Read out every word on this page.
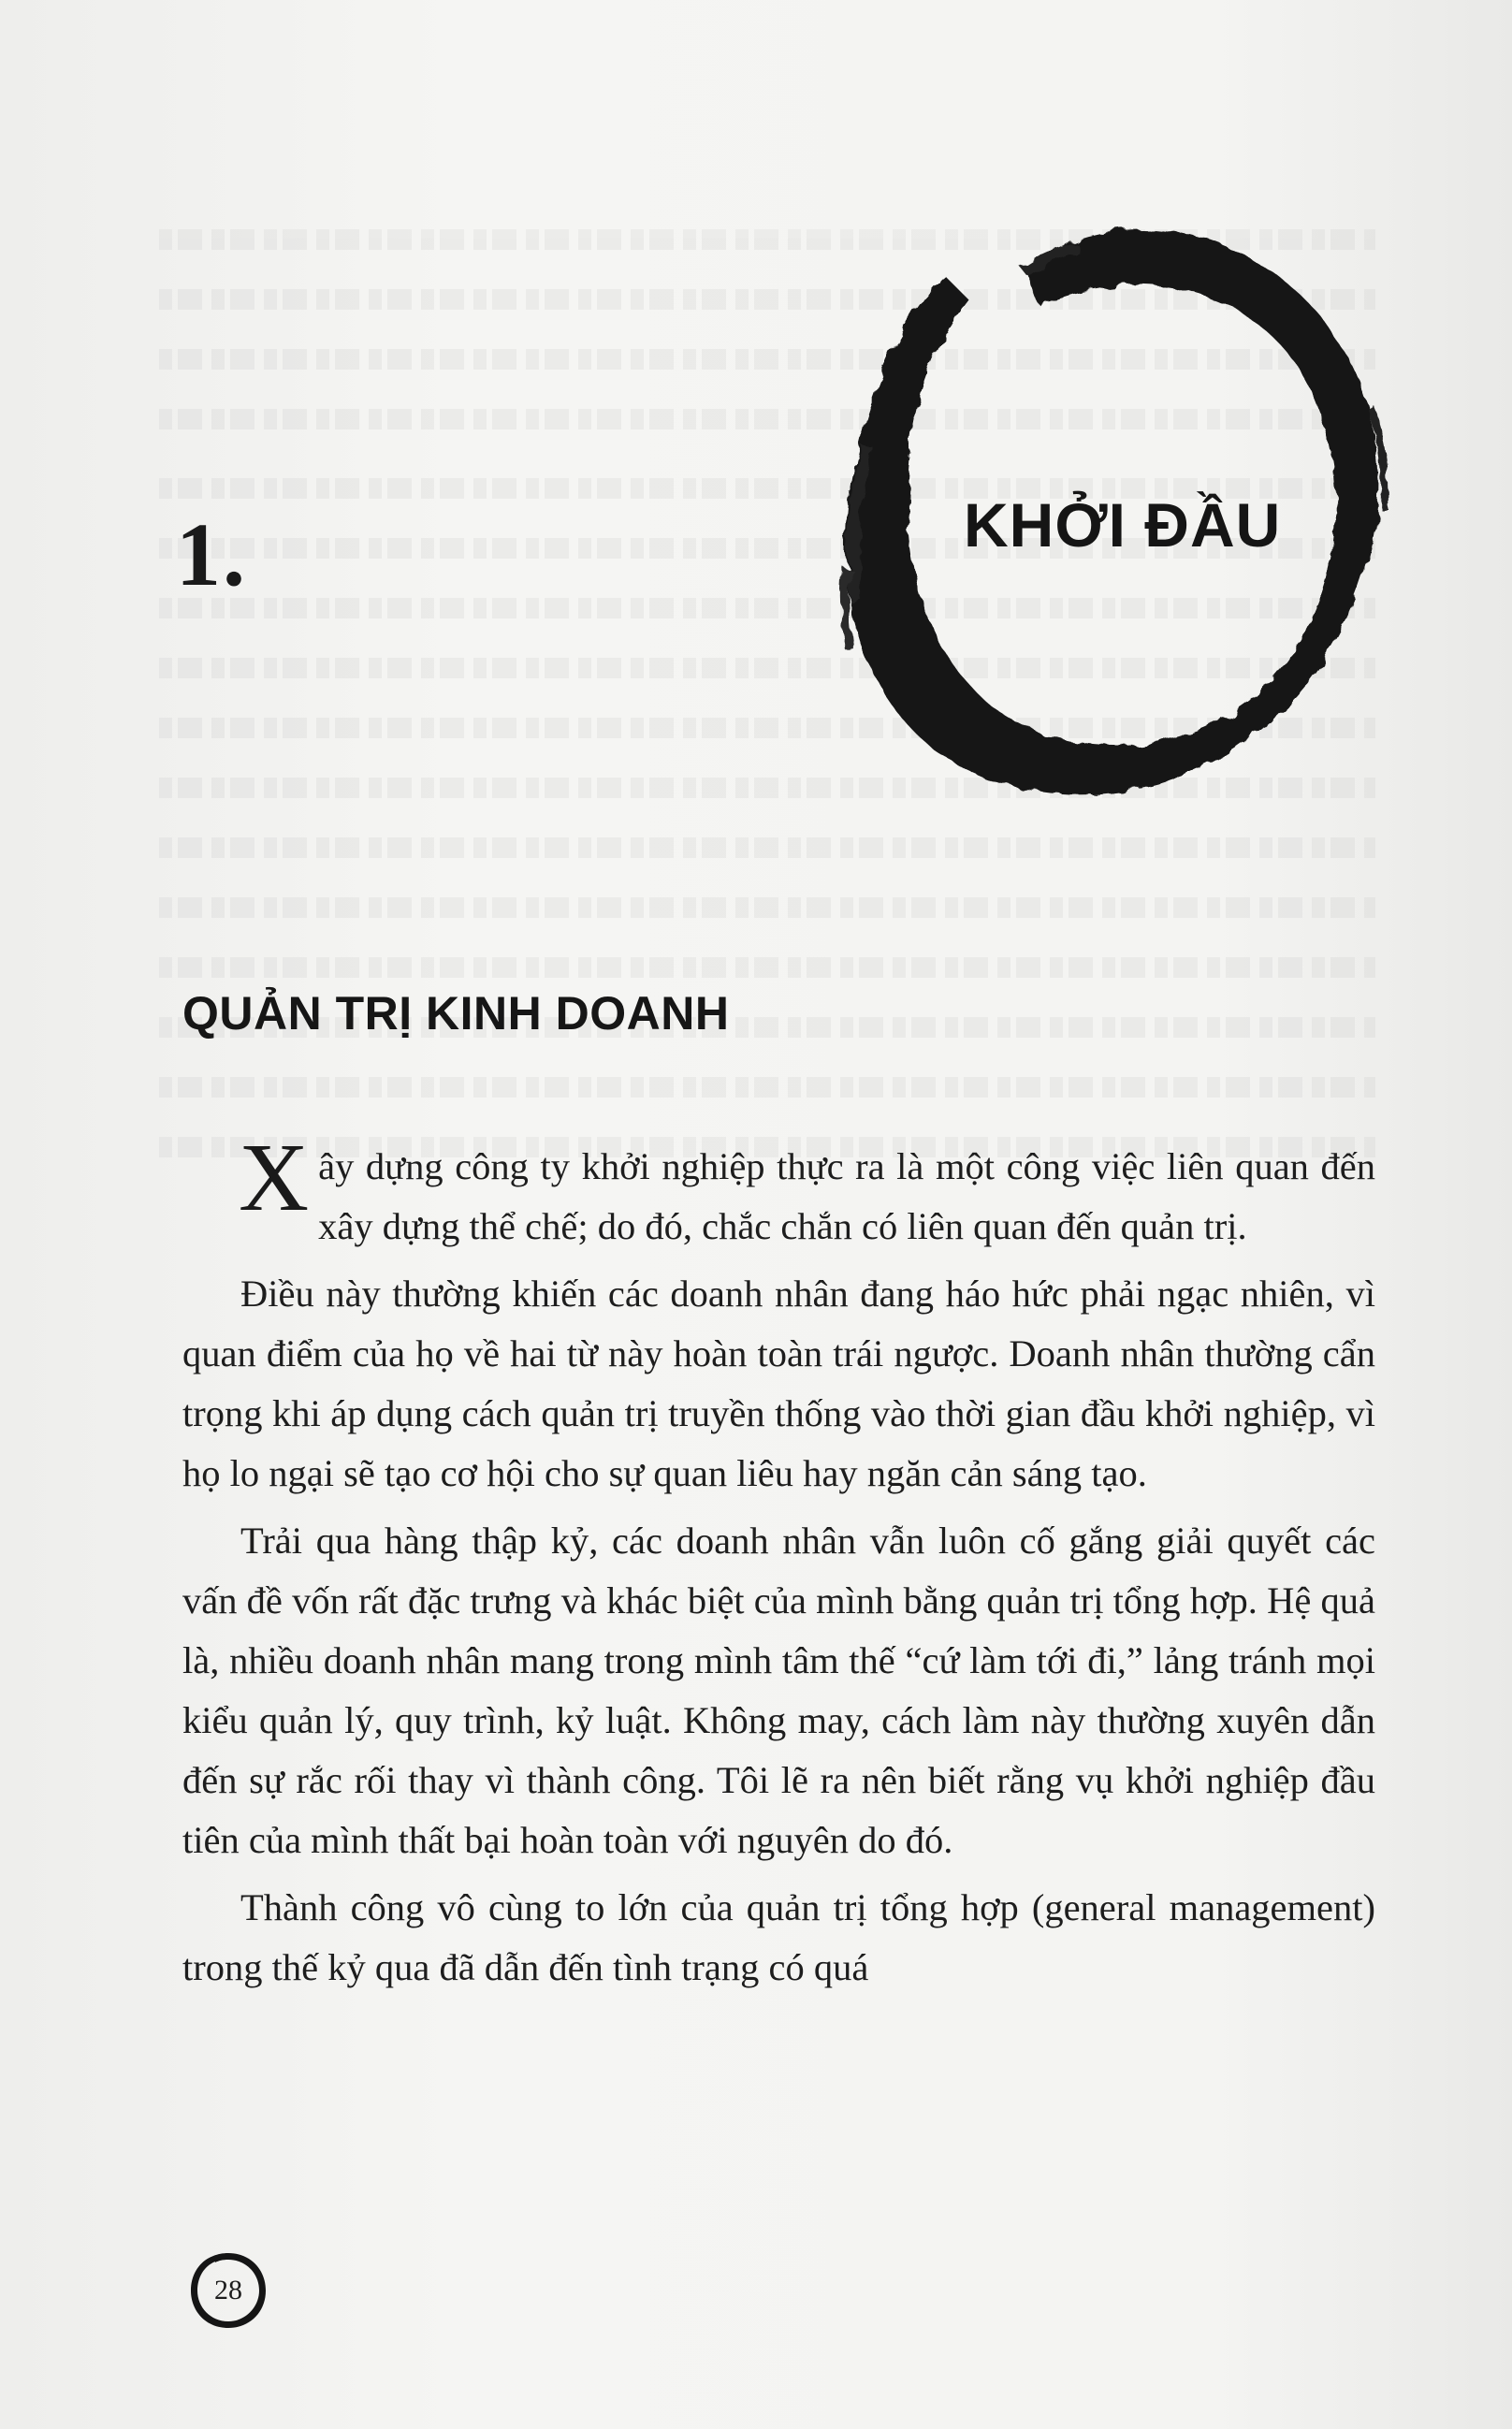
1.	KHỞI ĐẦU
QUẢN TRỊ KINH DOANH

Xây dựng công ty khởi nghiệp thực ra là một công việc liên quan đến xây dựng thể chế; do đó, chắc chắn có liên quan đến quản trị.

Điều này thường khiến các doanh nhân đang háo hức phải ngạc nhiên, vì quan điểm của họ về hai từ này hoàn toàn trái ngược. Doanh nhân thường cẩn trọng khi áp dụng cách quản trị truyền thống vào thời gian đầu khởi nghiệp, vì họ lo ngại sẽ tạo cơ hội cho sự quan liêu hay ngăn cản sáng tạo.

Trải qua hàng thập kỷ, các doanh nhân vẫn luôn cố gắng giải quyết các vấn đề vốn rất đặc trưng và khác biệt của mình bằng quản trị tổng hợp. Hệ quả là, nhiều doanh nhân mang trong mình tâm thế “cứ làm tới đi,” lảng tránh mọi kiểu quản lý, quy trình, kỷ luật. Không may, cách làm này thường xuyên dẫn đến sự rắc rối thay vì thành công. Tôi lẽ ra nên biết rằng vụ khởi nghiệp đầu tiên của mình thất bại hoàn toàn với nguyên do đó.

Thành công vô cùng to lớn của quản trị tổng hợp (general management) trong thế kỷ qua đã dẫn đến tình trạng có quá

28
